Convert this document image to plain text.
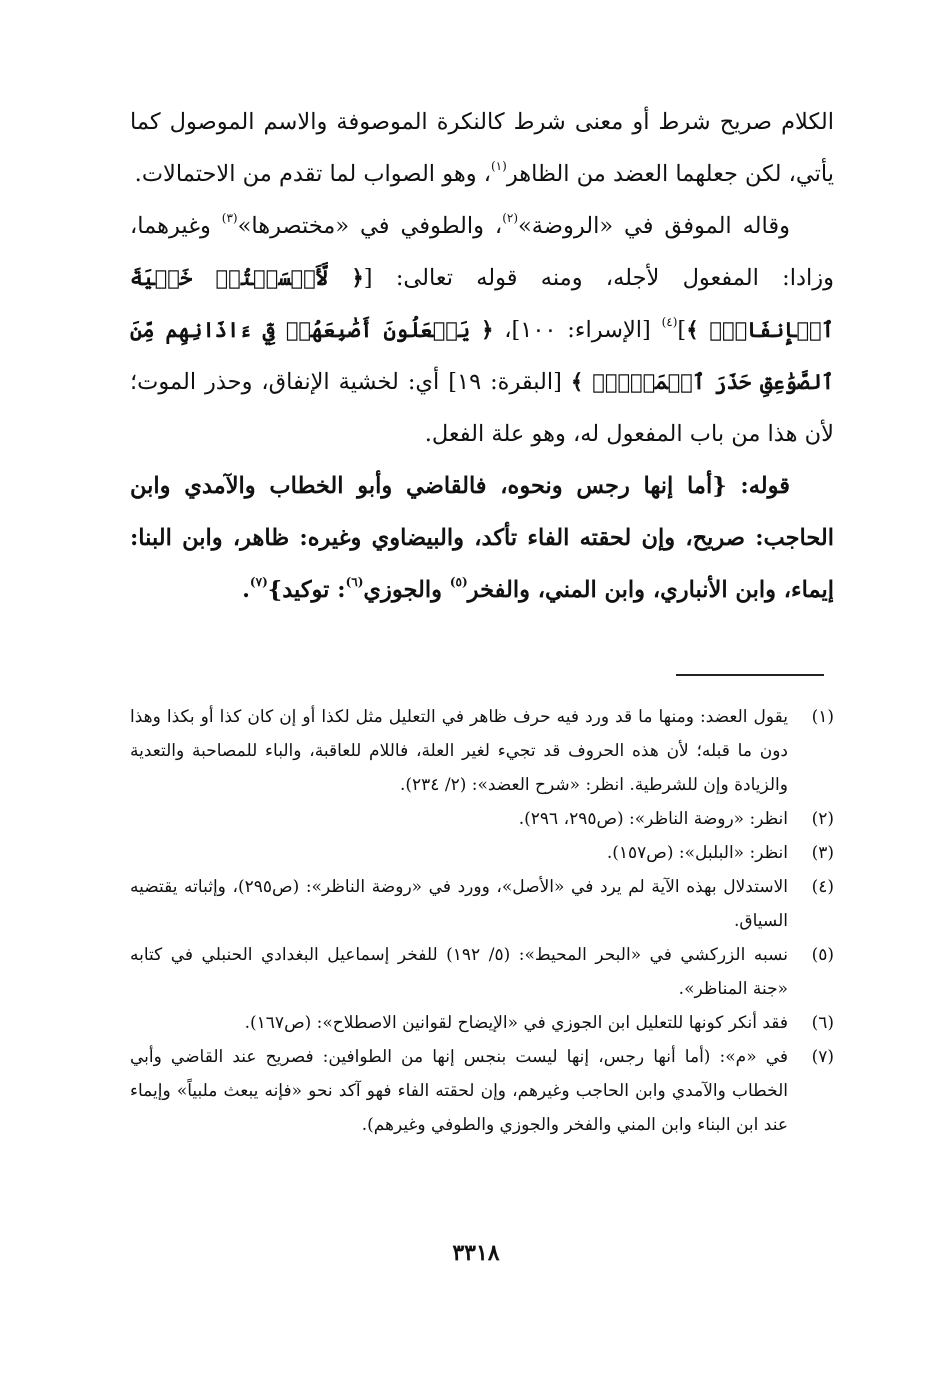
الكلام صريح شرط أو معنى شرط كالنكرة الموصوفة والاسم الموصول كما يأتي، لكن جعلهما العضد من الظاهر$^{(١)}$، وهو الصواب لما تقدم من الاحتمالات.

وقاله الموفق في «الروضة»$^{(٢)}$، والطوفي في «مختصرها»$^{(٣)}$ وغيرهما، وزادا: المفعول لأجله، ومنه قوله تعالى: [﴿ لَّأَمۡسَكۡتُمۡ خَشۡيَةَ ٱلۡإِنفَاقِۚ ﴾]$^{(٤)}$ [الإسراء: ١٠٠]، ﴿ يَجۡعَلُونَ أَصَٰبِعَهُمۡ فِيٓ ءَاذَانِهِم مِّنَ ٱلصَّوَٰعِقِ حَذَرَ ٱلۡمَوۡتِۚ ﴾ [البقرة: ١٩] أي: لخشية الإنفاق، وحذر الموت؛ لأن هذا من باب المفعول له، وهو علة الفعل.

قوله: {أما إنها رجس ونحوه، فالقاضي وأبو الخطاب والآمدي وابن الحاجب: صريح، وإن لحقته الفاء تأكد، والبيضاوي وغيره: ظاهر، وابن البنا: إيماء، وابن الأنباري، وابن المني، والفخر$^{(٥)}$ والجوزي$^{(٦)}$: توكيد}$^{(٧)}$.

(١)
يقول العضد: ومنها ما قد ورد فيه حرف ظاهر في التعليل مثل لكذا أو إن كان كذا أو بكذا وهذا دون ما قبله؛ لأن هذه الحروف قد تجيء لغير العلة، فاللام للعاقبة، والباء للمصاحبة والتعدية والزيادة وإن للشرطية. انظر: «شرح العضد»: (٢/ ٢٣٤).
(٢)
انظر: «روضة الناظر»: (ص٢٩٥، ٢٩٦).
(٣)
انظر: «البلبل»: (ص١٥٧).
(٤)
الاستدلال بهذه الآية لم يرد في «الأصل»، وورد في «روضة الناظر»: (ص٢٩٥)، وإثباته يقتضيه السياق.
(٥)
نسبه الزركشي في «البحر المحيط»: (٥/ ١٩٢) للفخر إسماعيل البغدادي الحنبلي في كتابه «جنة المناظر».
(٦)
فقد أنكر كونها للتعليل ابن الجوزي في «الإيضاح لقوانين الاصطلاح»: (ص١٦٧).
(٧)
في «م»: (أما أنها رجس، إنها ليست بنجس إنها من الطوافين: فصريح عند القاضي وأبي الخطاب والآمدي وابن الحاجب وغيرهم، وإن لحقته الفاء فهو آكد نحو «فإنه يبعث ملبياً» وإيماء عند ابن البناء وابن المني والفخر والجوزي والطوفي وغيرهم).
٣٣١٨
